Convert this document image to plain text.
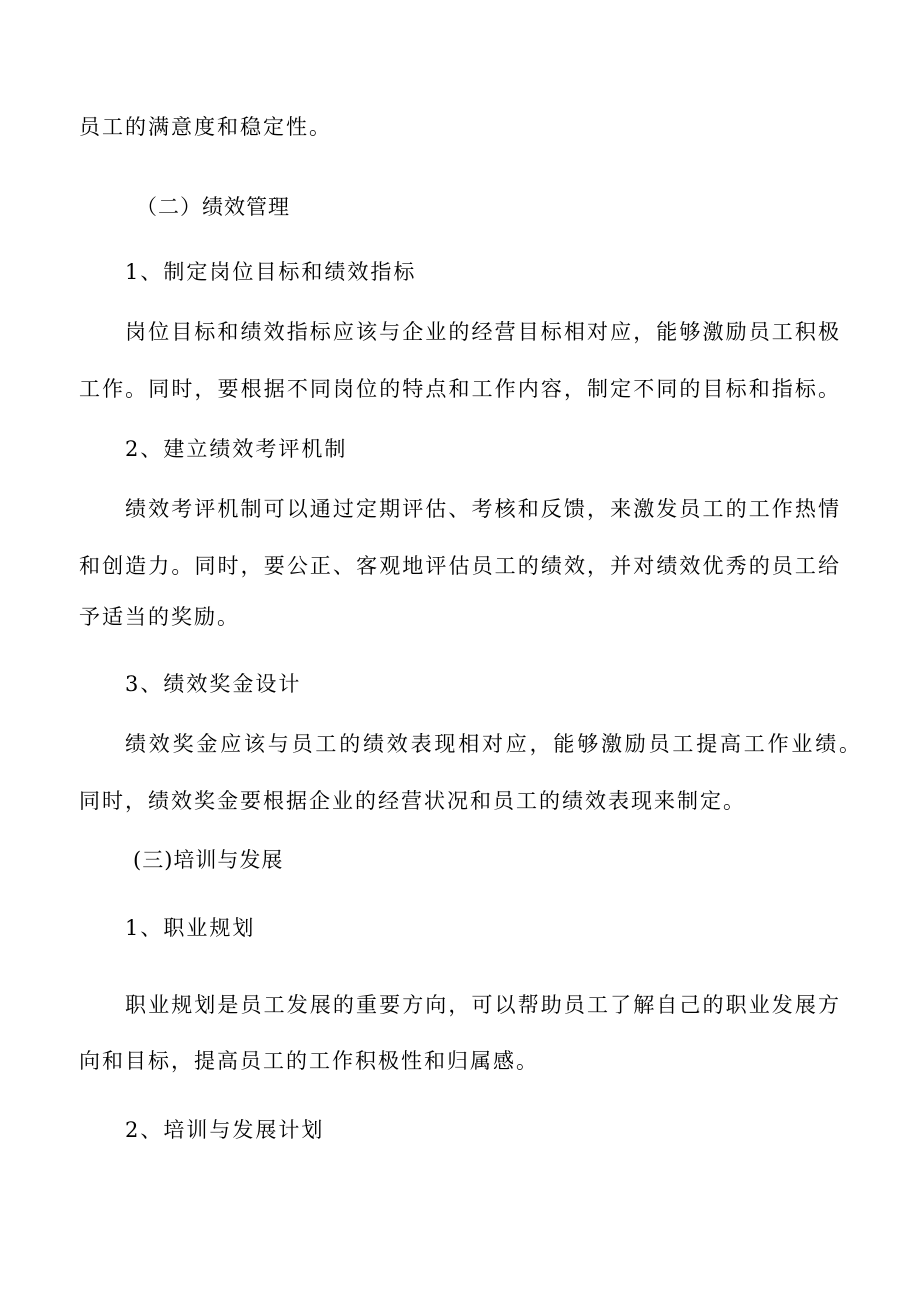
员工的满意度和稳定性。
（二）绩效管理
1、制定岗位目标和绩效指标
岗位目标和绩效指标应该与企业的经营目标相对应，能够激励员工积极
工作。同时，要根据不同岗位的特点和工作内容，制定不同的目标和指标。
2、建立绩效考评机制
绩效考评机制可以通过定期评估、考核和反馈，来激发员工的工作热情
和创造力。同时，要公正、客观地评估员工的绩效，并对绩效优秀的员工给
予适当的奖励。
3、绩效奖金设计
绩效奖金应该与员工的绩效表现相对应，能够激励员工提高工作业绩。
同时，绩效奖金要根据企业的经营状况和员工的绩效表现来制定。
(三)培训与发展
1、职业规划
职业规划是员工发展的重要方向，可以帮助员工了解自己的职业发展方
向和目标，提高员工的工作积极性和归属感。
2、培训与发展计划
